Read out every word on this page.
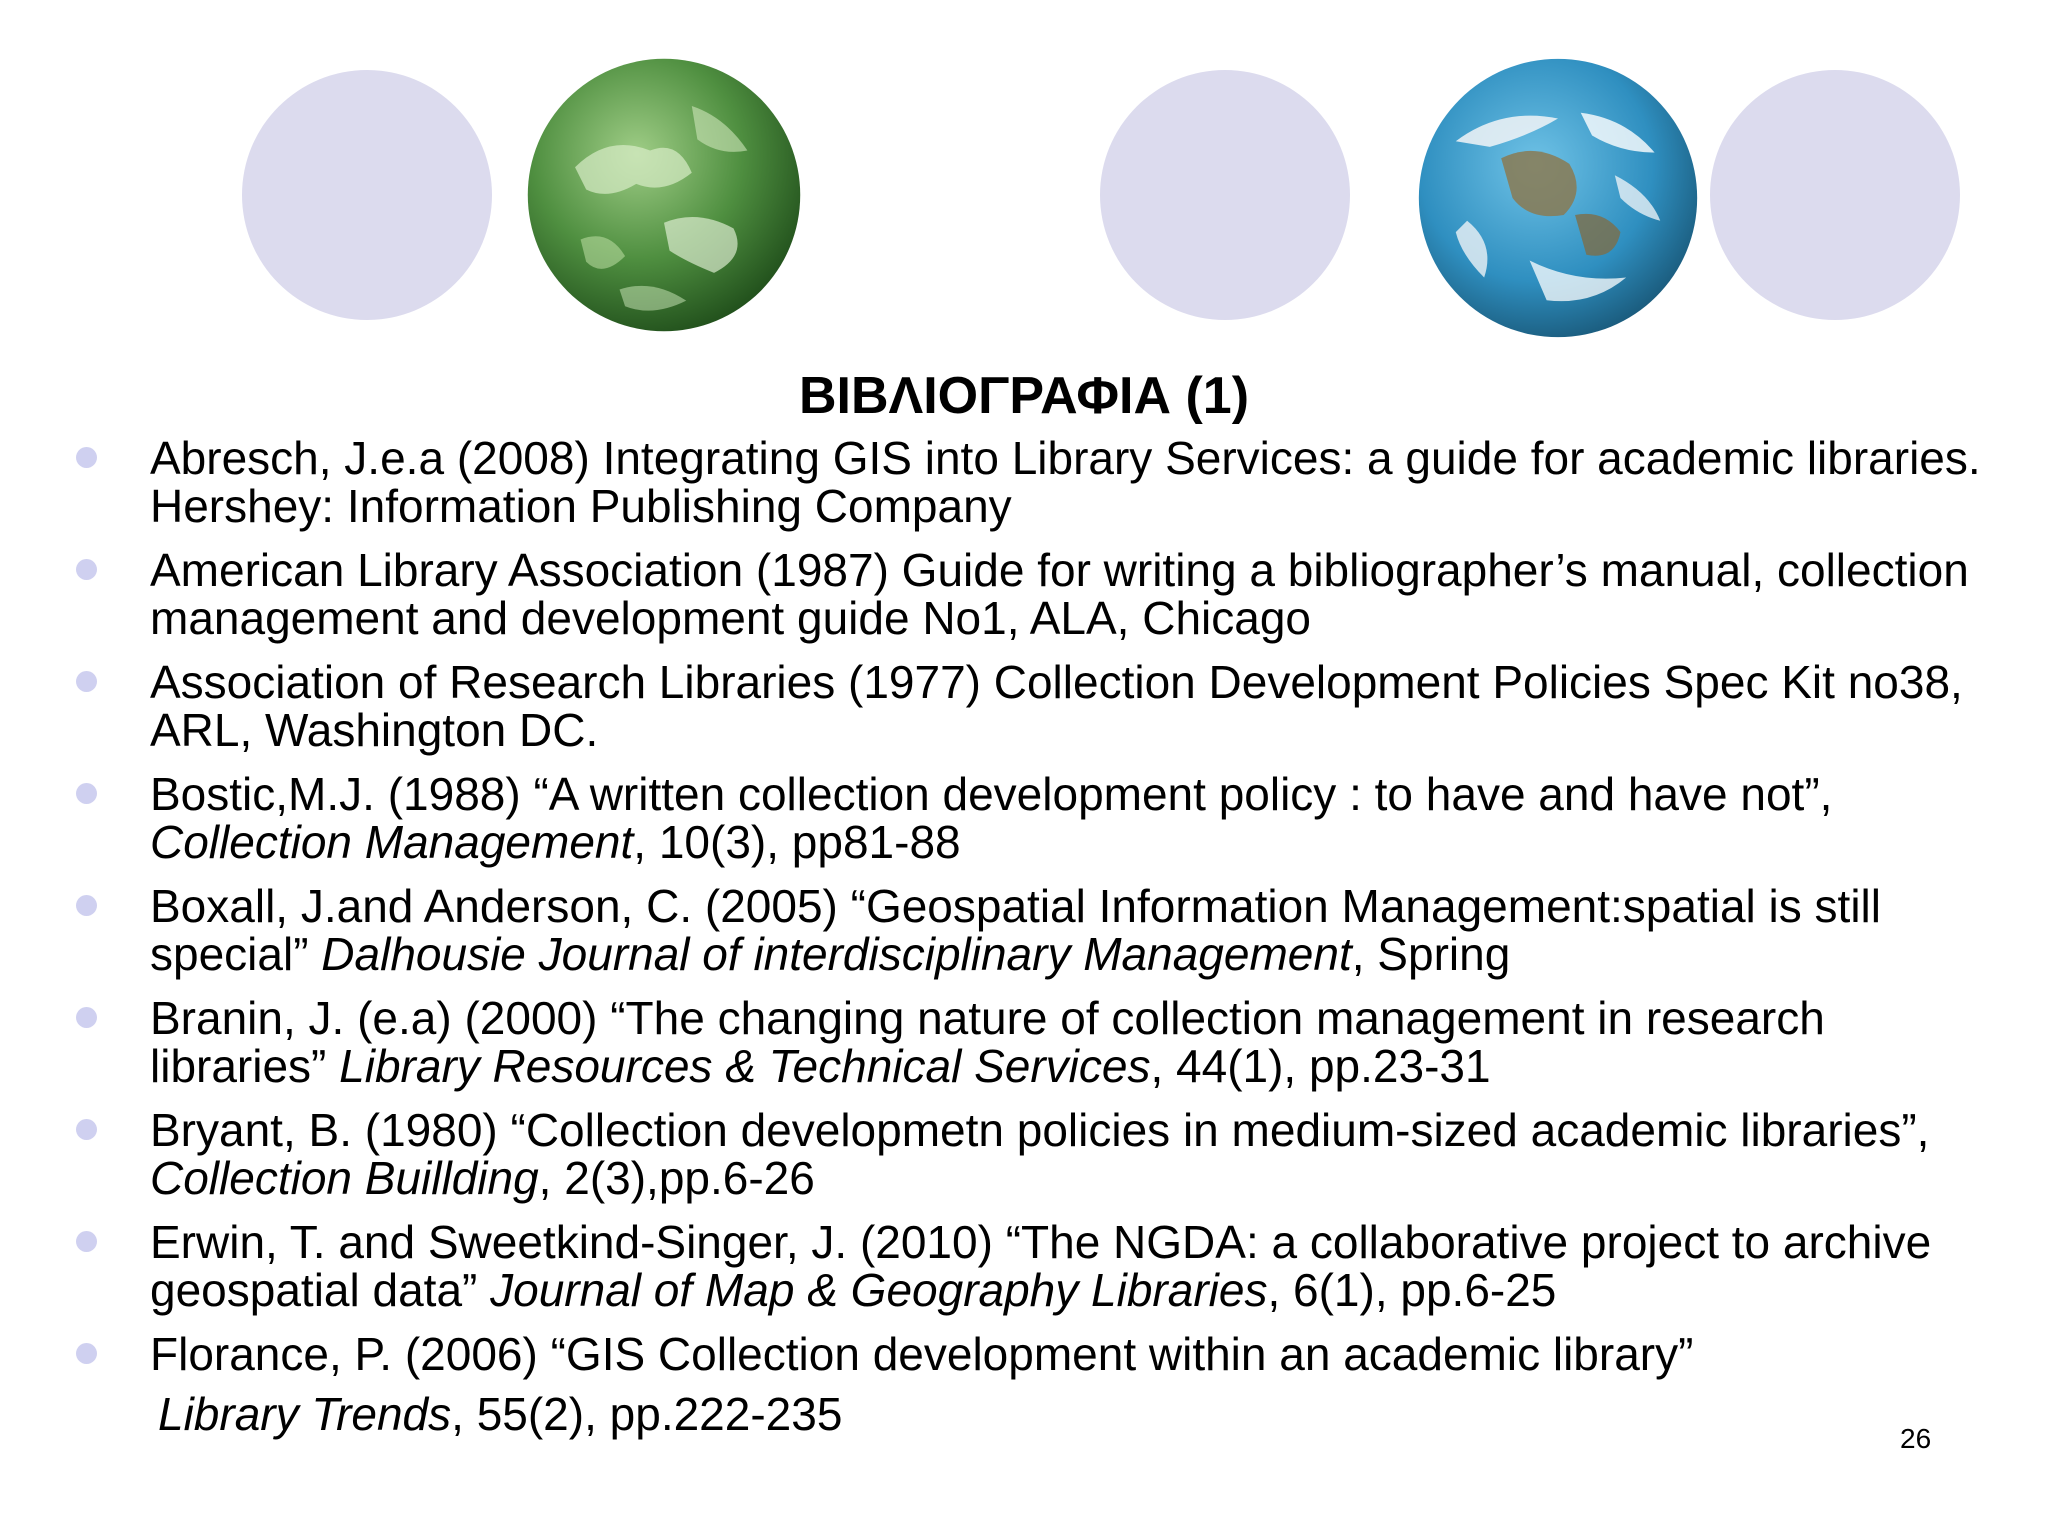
ΒΙΒΛΙΟΓΡΑΦΙΑ (1)
Abresch, J.e.a (2008) Integrating GIS into Library Services: a guide for academic libraries. Hershey: Information Publishing Company
American Library Association (1987) Guide for writing a bibliographer’s manual, collection management and development guide No1, ALA, Chicago
Association of Research Libraries (1977) Collection Development Policies Spec Kit no38, ARL, Washington DC.
Bostic,M.J. (1988) “A written collection development policy : to have and have not”, Collection Management, 10(3), pp81-88
Boxall, J.and Anderson, C. (2005) “Geospatial Information Management:spatial is still special” Dalhousie Journal of interdisciplinary Management, Spring
Branin, J. (e.a) (2000) “The changing nature of collection management in research libraries” Library Resources & Technical Services, 44(1), pp.23-31
Bryant, B. (1980) “Collection developmetn policies in medium-sized academic libraries”, Collection Buillding, 2(3),pp.6-26
Erwin, T. and Sweetkind-Singer, J. (2010) “The NGDA: a collaborative project to archive geospatial data” Journal of Map & Geography Libraries, 6(1), pp.6-25
Florance, P. (2006) “GIS Collection development within an academic library”
Library Trends, 55(2), pp.222-235	26
